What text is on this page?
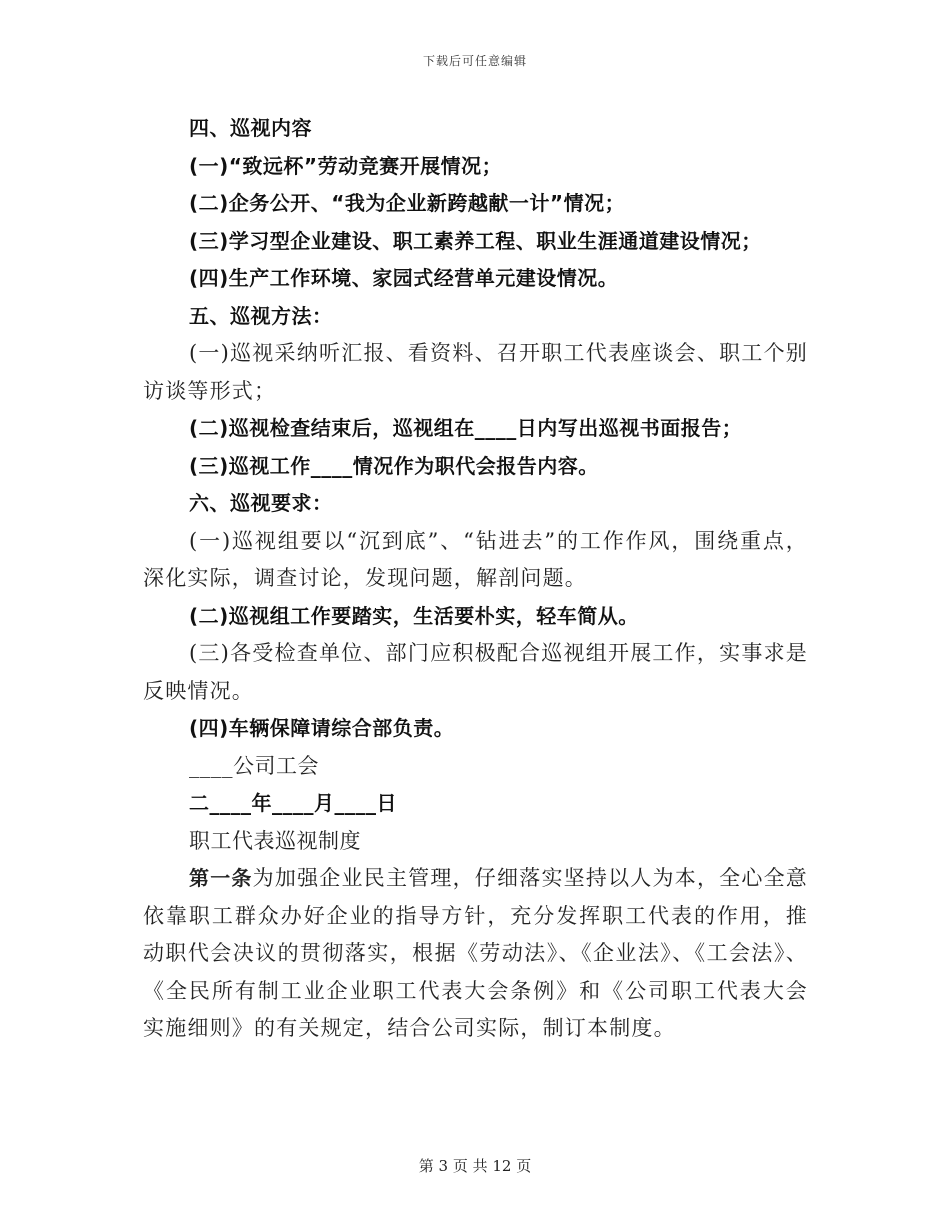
下载后可任意编辑
四、巡视内容
(一)“致远杯”劳动竞赛开展情况；
(二)企务公开、“我为企业新跨越献一计”情况；
(三)学习型企业建设、职工素养工程、职业生涯通道建设情况；
(四)生产工作环境、家园式经营单元建设情况。
五、巡视方法：
(一)巡视采纳听汇报、看资料、召开职工代表座谈会、职工个别访谈等形式；
(二)巡视检查结束后，巡视组在____日内写出巡视书面报告；
(三)巡视工作____情况作为职代会报告内容。
六、巡视要求：
(一)巡视组要以“沉到底”、“钻进去”的工作作风，围绕重点，深化实际，调查讨论，发现问题，解剖问题。
(二)巡视组工作要踏实，生活要朴实，轻车简从。
(三)各受检查单位、部门应积极配合巡视组开展工作，实事求是反映情况。
(四)车辆保障请综合部负责。
____公司工会
二____年____月____日
职工代表巡视制度
第一条为加强企业民主管理，仔细落实坚持以人为本，全心全意依靠职工群众办好企业的指导方针，充分发挥职工代表的作用，推动职代会决议的贯彻落实，根据《劳动法》、《企业法》、《工会法》、《全民所有制工业企业职工代表大会条例》和《公司职工代表大会实施细则》的有关规定，结合公司实际，制订本制度。
第 3 页 共 12 页
